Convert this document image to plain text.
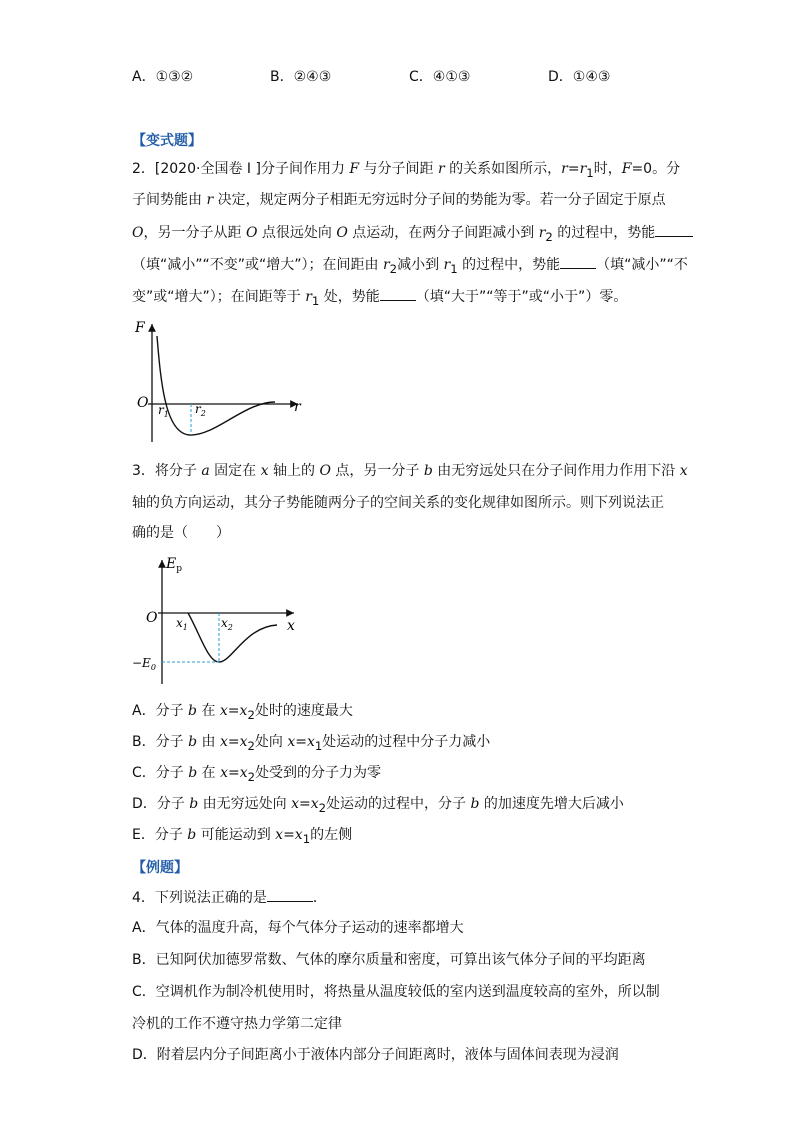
A．①③②	B．②④③	C．④①③	D．①④③
【变式题】
2．[2020·全国卷 I ]分子间作用力 F 与分子间距 r 的关系如图所示，$r=r_1$时，F=0。分
子间势能由 r 决定，规定两分子相距无穷远时分子间的势能为零。若一分子固定于原点
O，另一分子从距 O 点很远处向 O 点运动，在两分子间距减小到 $r_2$ 的过程中，势能
（填“减小”“不变”或“增大”）；在间距由 $r_2$减小到 $r_1$ 的过程中，势能	（填“减小”“不
变”或“增大”）；在间距等于 $r_1$ 处，势能	（填“大于”“等于”或“小于”）零。
F
O	r
$r_1$ $r_2$
3．将分子 a 固定在 x 轴上的 O 点，另一分子 b 由无穷远处只在分子间作用力作用下沿 x
轴的负方向运动，其分子势能随两分子的空间关系的变化规律如图所示。则下列说法正
确的是（　　）
$E_p$
O	x
$x_1$	$x_2$
$-E_0$
A．分子 b 在 $x=x_2$处时的速度最大
B．分子 b 由 $x=x_2$处向 $x=x_1$处运动的过程中分子力减小
C．分子 b 在 $x=x_2$处受到的分子力为零
D．分子 b 由无穷远处向 $x=x_2$处运动的过程中，分子 b 的加速度先增大后减小
E．分子 b 可能运动到 $x=x_1$的左侧
【例题】
4．下列说法正确的是	．
A．气体的温度升高，每个气体分子运动的速率都增大
B．已知阿伏加德罗常数、气体的摩尔质量和密度，可算出该气体分子间的平均距离
C．空调机作为制冷机使用时，将热量从温度较低的室内送到温度较高的室外，所以制
冷机的工作不遵守热力学第二定律
D．附着层内分子间距离小于液体内部分子间距离时，液体与固体间表现为浸润
